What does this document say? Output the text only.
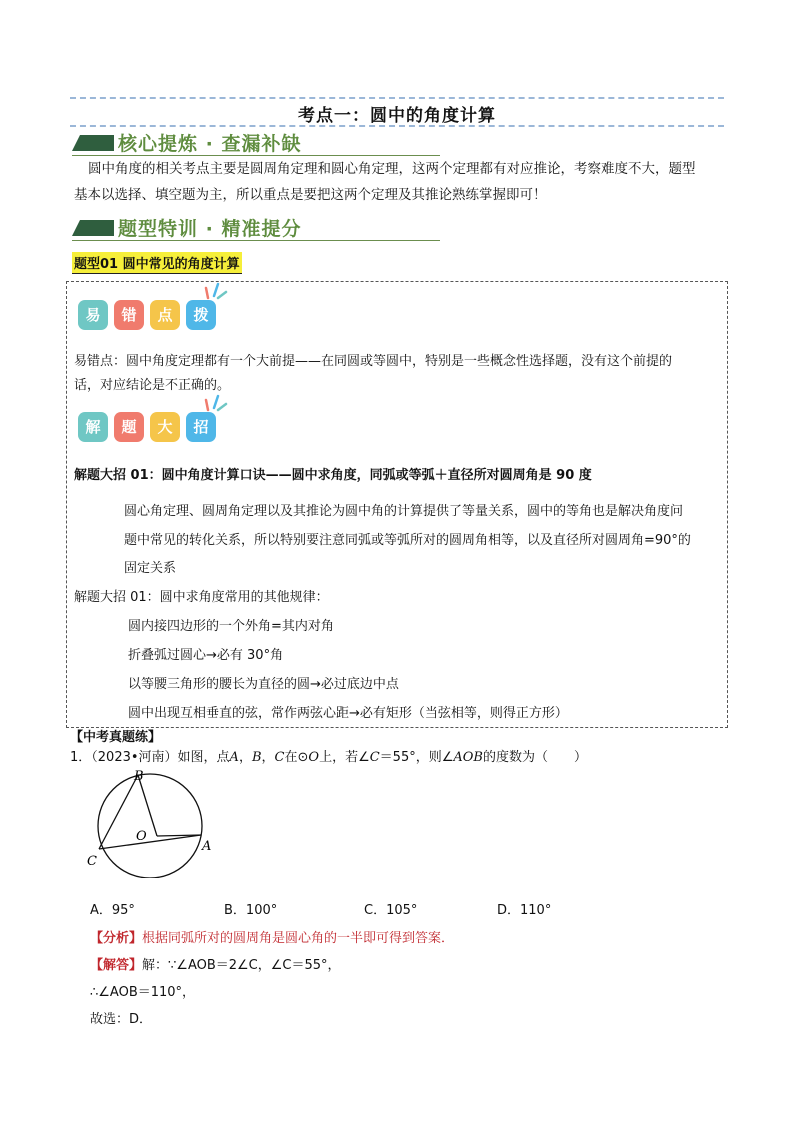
考点一：圆中的角度计算
核心提炼 · 查漏补缺
圆中角度的相关考点主要是圆周角定理和圆心角定理，这两个定理都有对应推论，考察难度不大，题型
基本以选择、填空题为主，所以重点是要把这两个定理及其推论熟练掌握即可！
题型特训 · 精准提分
题型01 圆中常见的角度计算
易	错	点	拨
易错点：圆中角度定理都有一个大前提——在同圆或等圆中，特别是一些概念性选择题，没有这个前提的
话，对应结论是不正确的。
解	题	大	招
解题大招 01：圆中角度计算口诀——圆中求角度，同弧或等弧＋直径所对圆周角是 90 度
圆心角定理、圆周角定理以及其推论为圆中角的计算提供了等量关系，圆中的等角也是解决角度问
题中常见的转化关系，所以特别要注意同弧或等弧所对的圆周角相等，以及直径所对圆周角=90°的
固定关系
解题大招 01：圆中求角度常用的其他规律：
圆内接四边形的一个外角=其内对角
折叠弧过圆心→必有 30°角
以等腰三角形的腰长为直径的圆→必过底边中点
圆中出现互相垂直的弦，常作两弦心距→必有矩形（当弦相等，则得正方形）
【中考真题练】
1．（2023•河南）如图，点A，B，C在⊙O上，若∠C＝55°，则∠AOB的度数为（　　）
B
O
C
A
A．95°	B．100°	C．105°	D．110°
【分析】根据同弧所对的圆周角是圆心角的一半即可得到答案．
【解答】解：∵∠AOB＝2∠C，∠C＝55°，
∴∠AOB＝110°，
故选：D．
